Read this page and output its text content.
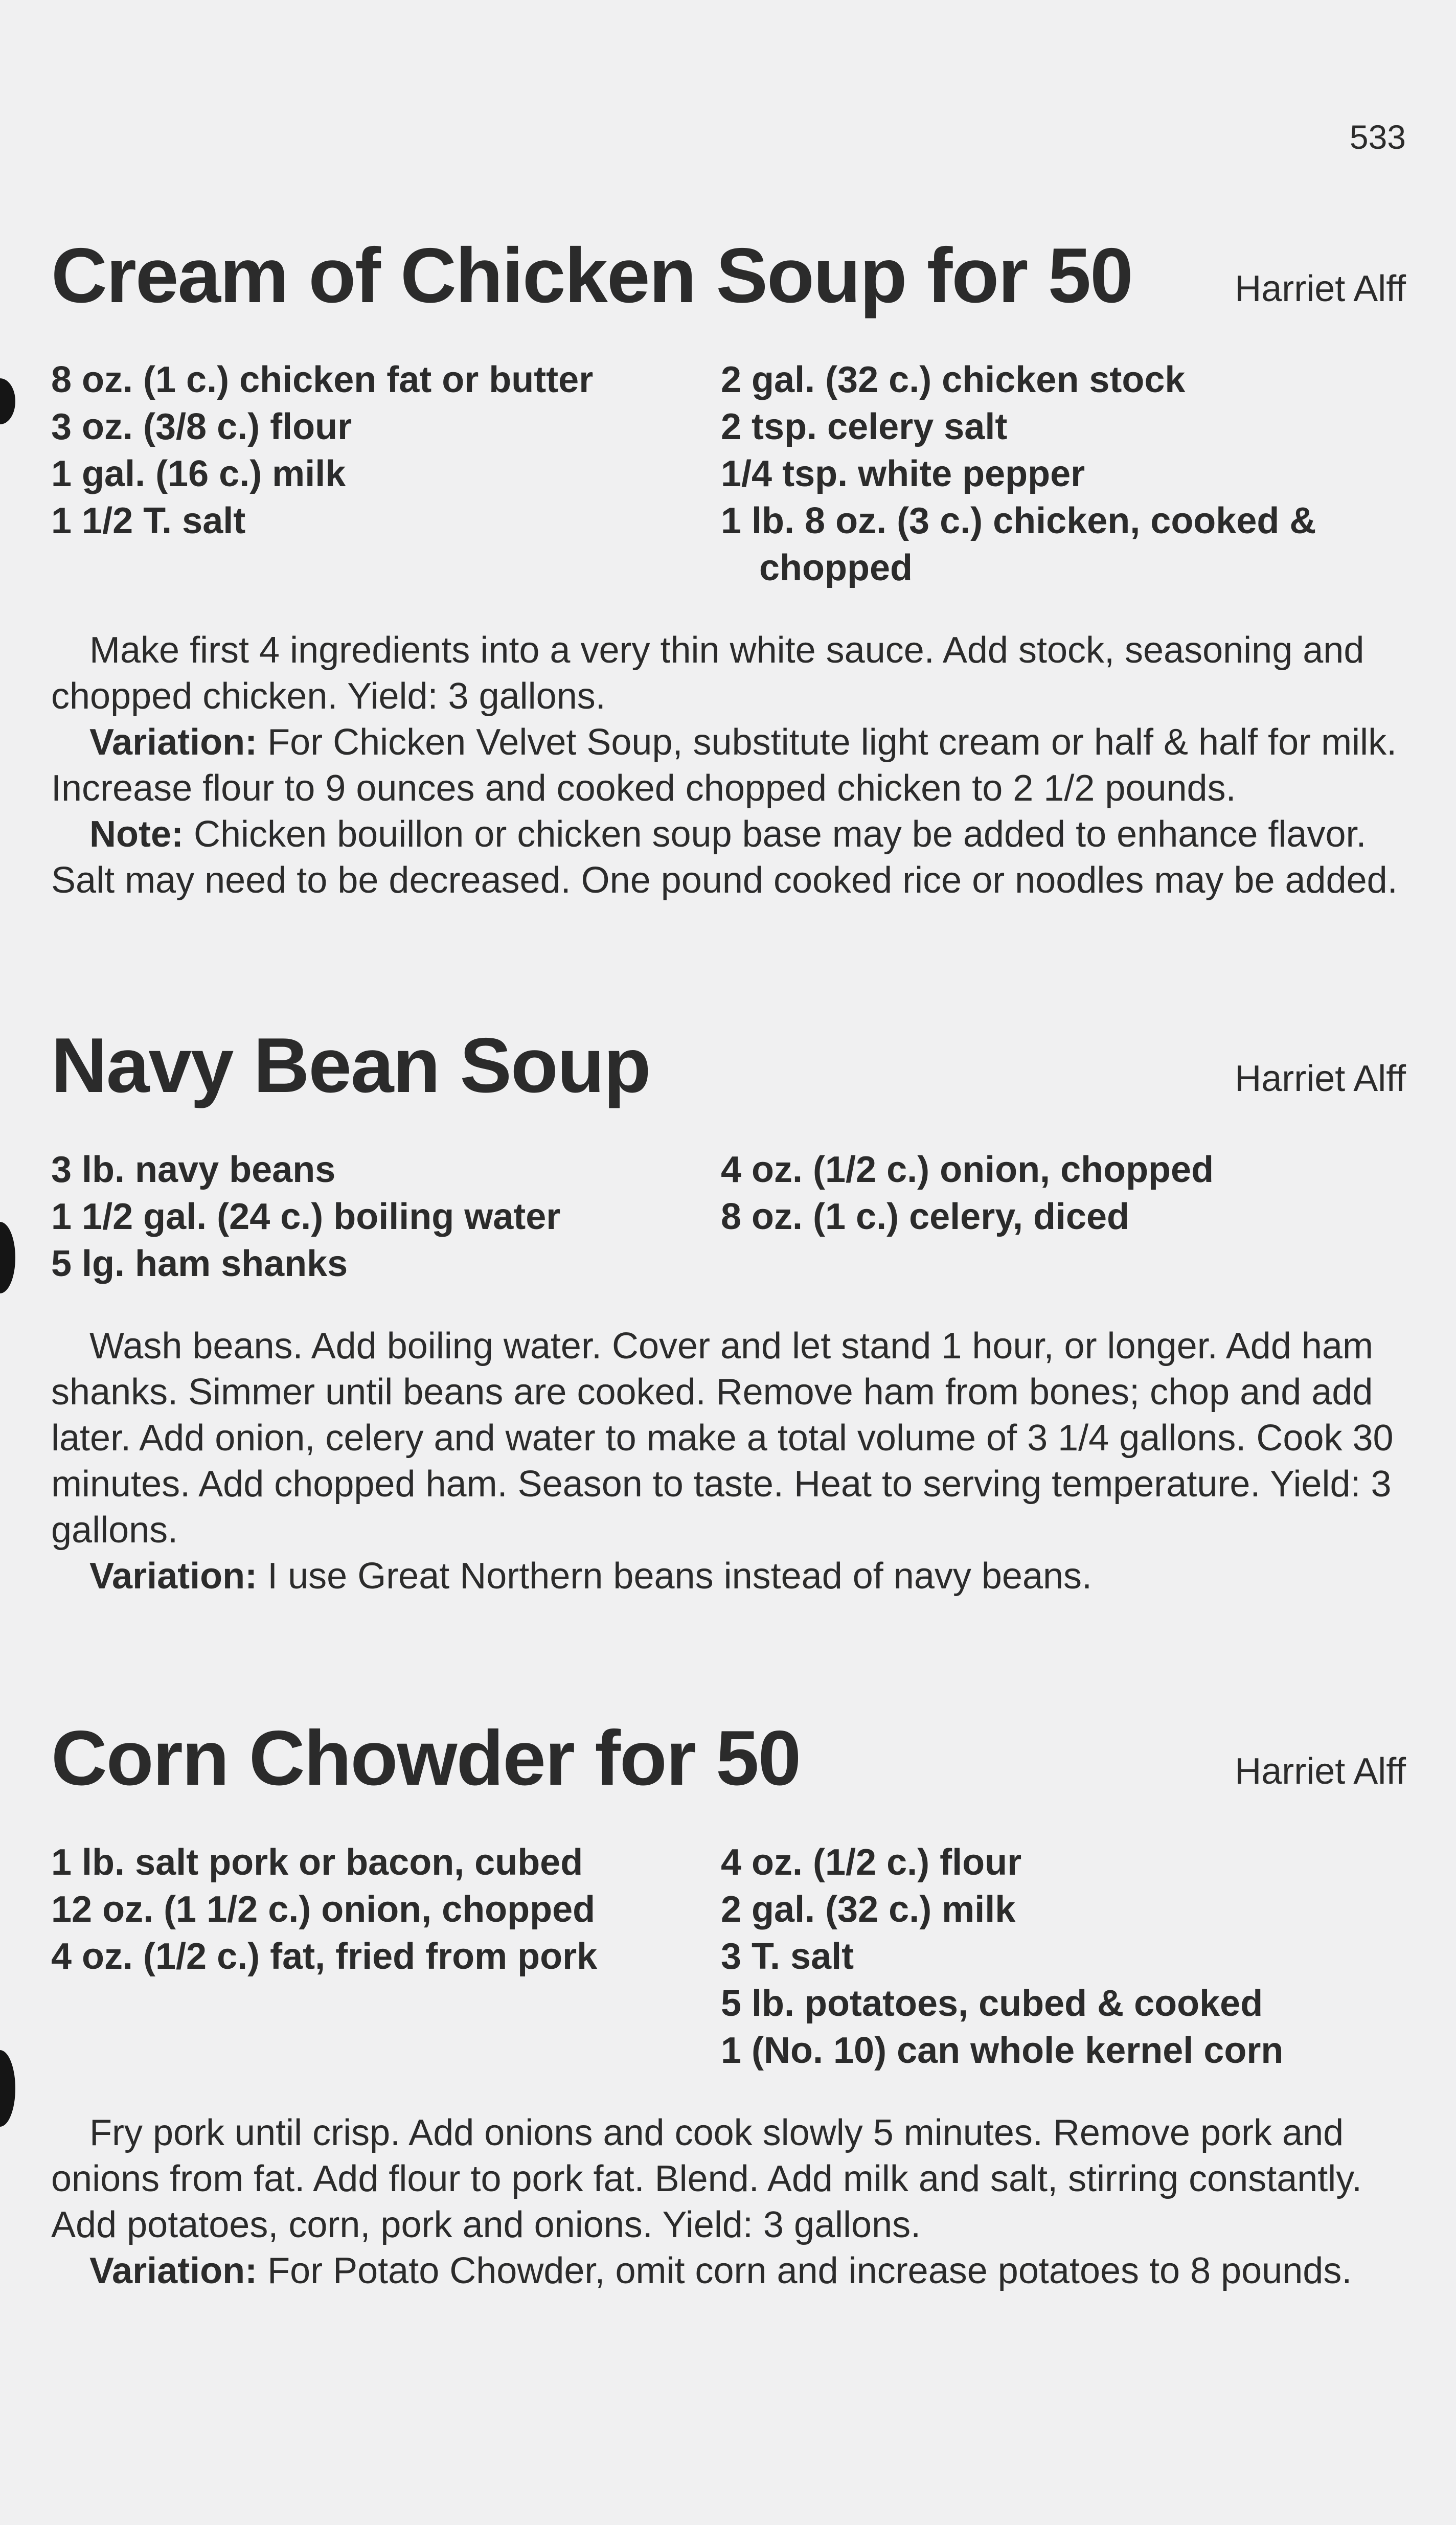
533
Cream of Chicken Soup for 50	Harriet Alff
8 oz. (1 c.) chicken fat or butter
3 oz. (3/8 c.) flour
1 gal. (16 c.) milk
1 1/2 T. salt
2 gal. (32 c.) chicken stock
2 tsp. celery salt
1/4 tsp. white pepper
1 lb. 8 oz. (3 c.) chicken, cooked & chopped

Make first 4 ingredients into a very thin white sauce. Add stock, seasoning and chopped chicken. Yield: 3 gallons.

Variation: For Chicken Velvet Soup, substitute light cream or half & half for milk. Increase flour to 9 ounces and cooked chopped chicken to 2 1/2 pounds.

Note: Chicken bouillon or chicken soup base may be added to enhance flavor. Salt may need to be decreased. One pound cooked rice or noodles may be added.

Navy Bean Soup	Harriet Alff
3 lb. navy beans
1 1/2 gal. (24 c.) boiling water
5 lg. ham shanks
4 oz. (1/2 c.) onion, chopped
8 oz. (1 c.) celery, diced

Wash beans. Add boiling water. Cover and let stand 1 hour, or longer. Add ham shanks. Simmer until beans are cooked. Remove ham from bones; chop and add later. Add onion, celery and water to make a total volume of 3 1/4 gallons. Cook 30 minutes. Add chopped ham. Season to taste. Heat to serving temperature. Yield: 3 gallons.

Variation: I use Great Northern beans instead of navy beans.

Corn Chowder for 50	Harriet Alff
1 lb. salt pork or bacon, cubed
12 oz. (1 1/2 c.) onion, chopped
4 oz. (1/2 c.) fat, fried from pork
4 oz. (1/2 c.) flour
2 gal. (32 c.) milk
3 T. salt
5 lb. potatoes, cubed & cooked
1 (No. 10) can whole kernel corn

Fry pork until crisp. Add onions and cook slowly 5 minutes. Remove pork and onions from fat. Add flour to pork fat. Blend. Add milk and salt, stirring constantly. Add potatoes, corn, pork and onions. Yield: 3 gallons.

Variation: For Potato Chowder, omit corn and increase potatoes to 8 pounds.
